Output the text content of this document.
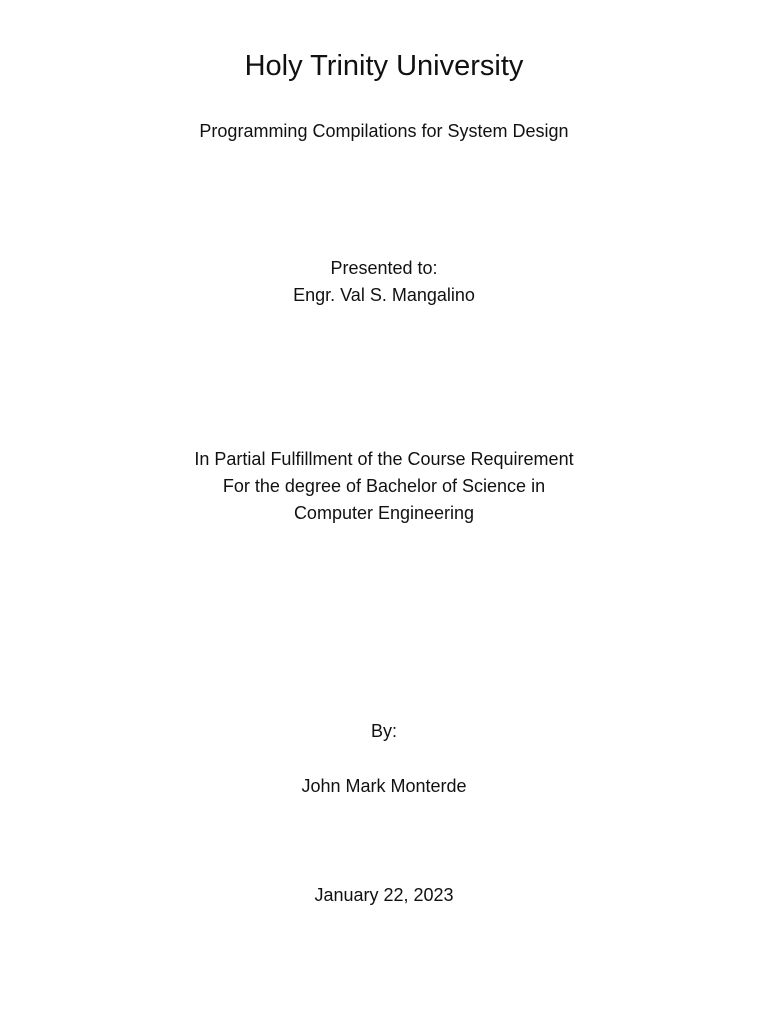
Holy Trinity University
Programming Compilations for System Design
Presented to:
Engr. Val S. Mangalino
In Partial Fulfillment of the Course Requirement
For the degree of Bachelor of Science in
Computer Engineering
By:
John Mark Monterde
January 22, 2023
